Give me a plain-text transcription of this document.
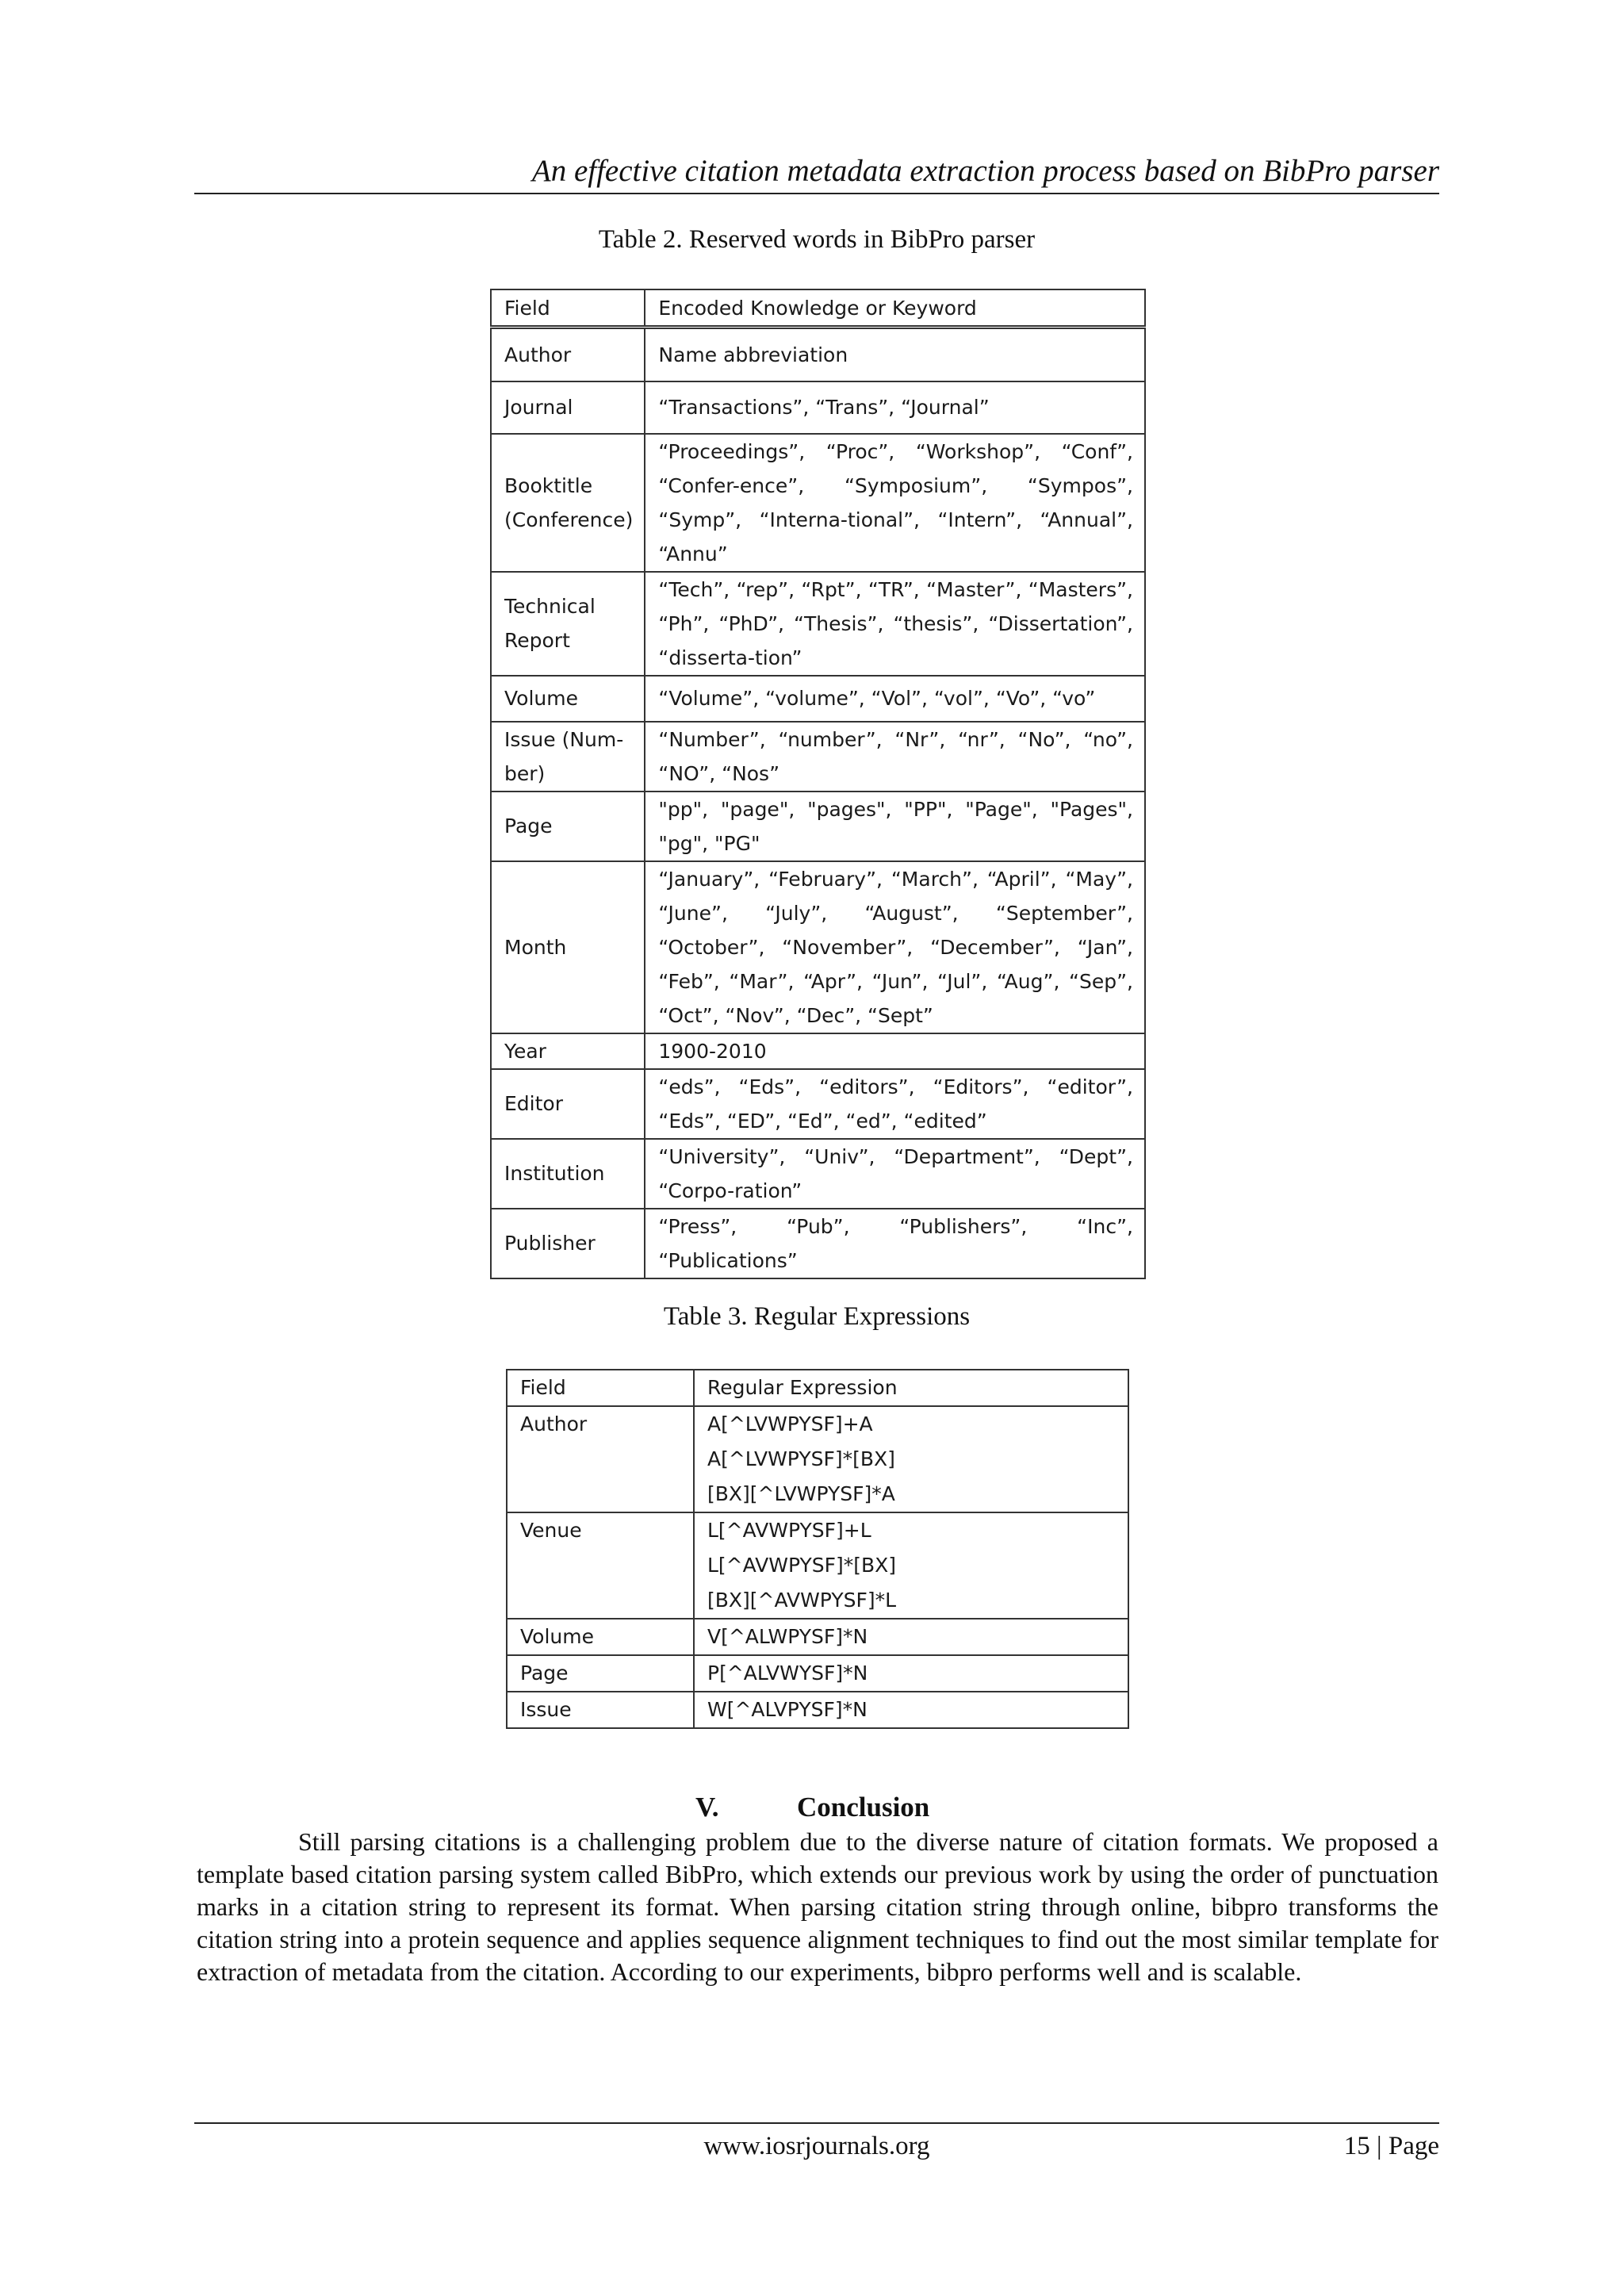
An effective citation metadata extraction process based on BibPro parser
Table 2. Reserved words in BibPro parser
Field	Encoded Knowledge or Keyword
Author	Name abbreviation
Journal	“Transactions”, “Trans”, “Journal”
Booktitle (Conference)	“Proceedings”, “Proc”, “Workshop”, “Conf”, “Confer-ence”, “Symposium”, “Sympos”, “Symp”, “Interna-tional”, “Intern”, “Annual”, “Annu”
Technical Report	“Tech”, “rep”, “Rpt”, “TR”, “Master”, “Masters”, “Ph”, “PhD”, “Thesis”, “thesis”, “Dissertation”, “disserta-tion”
Volume	“Volume”, “volume”, “Vol”, “vol”, “Vo”, “vo”
Issue (Num-ber)	“Number”, “number”, “Nr”, “nr”, “No”, “no”, “NO”, “Nos”
Page	"pp", "page", "pages", "PP", "Page", "Pages", "pg", "PG"
Month	“January”, “February”, “March”, “April”, “May”, “June”, “July”, “August”, “September”, “October”, “November”, “December”, “Jan”, “Feb”, “Mar”, “Apr”, “Jun”, “Jul”, “Aug”, “Sep”, “Oct”, “Nov”, “Dec”, “Sept”
Year	1900-2010
Editor	“eds”, “Eds”, “editors”, “Editors”, “editor”, “Eds”, “ED”, “Ed”, “ed”, “edited”
Institution	“University”, “Univ”, “Department”, “Dept”, “Corpo-ration”
Publisher	“Press”, “Pub”, “Publishers”, “Inc”, “Publications”
Table 3. Regular Expressions
Field	Regular Expression
Author	A[^LVWPYSF]+A
A[^LVWPYSF]*[BX]
[BX][^LVWPYSF]*A
Venue	L[^AVWPYSF]+L
L[^AVWPYSF]*[BX]
[BX][^AVWPYSF]*L
Volume	V[^ALWPYSF]*N
Page	P[^ALVWYSF]*N
Issue	W[^ALVPYSF]*N
V.	Conclusion

Still parsing citations is a challenging problem due to the diverse nature of citation formats. We proposed a template based citation parsing system called BibPro, which extends our previous work by using the order of punctuation marks in a citation string to represent its format. When parsing citation string through online, bibpro transforms the citation string into a protein sequence and applies sequence alignment techniques to find out the most similar template for extraction of metadata from the citation. According to our experiments, bibpro performs well and is scalable.

www.iosrjournals.org	15 | Page
